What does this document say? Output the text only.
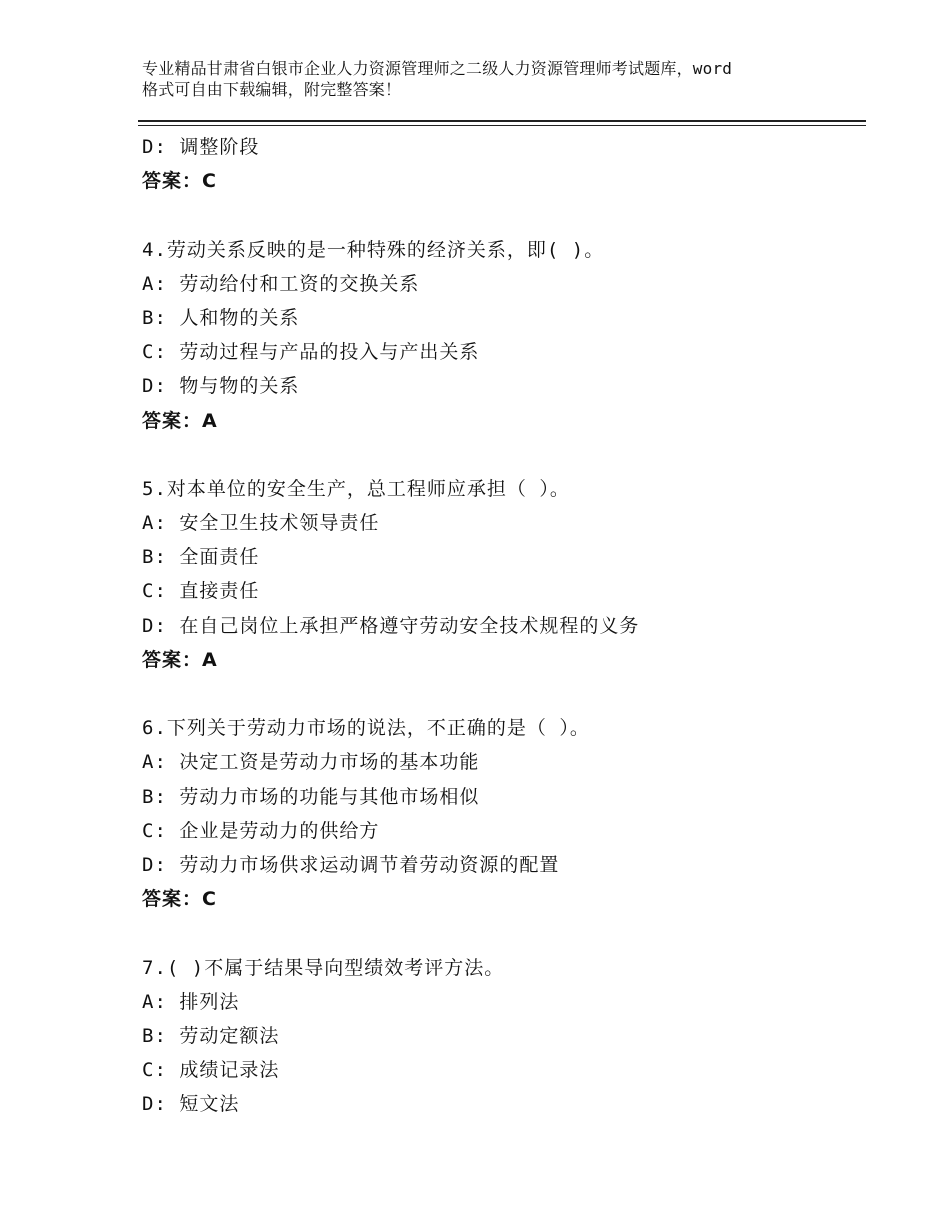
专业精品甘肃省白银市企业人力资源管理师之二级人力资源管理师考试题库，word
格式可自由下载编辑，附完整答案！
D: 调整阶段
答案：C
4.劳动关系反映的是一种特殊的经济关系，即( )。
A: 劳动给付和工资的交换关系
B: 人和物的关系
C: 劳动过程与产品的投入与产出关系
D: 物与物的关系
答案：A
5.对本单位的安全生产，总工程师应承担（ ）。
A: 安全卫生技术领导责任
B: 全面责任
C: 直接责任
D: 在自己岗位上承担严格遵守劳动安全技术规程的义务
答案：A
6.下列关于劳动力市场的说法，不正确的是（ ）。
A: 决定工资是劳动力市场的基本功能
B: 劳动力市场的功能与其他市场相似
C: 企业是劳动力的供给方
D: 劳动力市场供求运动调节着劳动资源的配置
答案：C
7.( )不属于结果导向型绩效考评方法。
A: 排列法
B: 劳动定额法
C: 成绩记录法
D: 短文法
